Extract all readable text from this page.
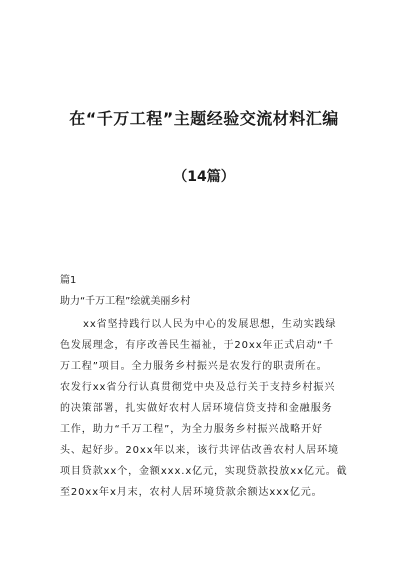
在“千万工程”主题经验交流材料汇编
（14篇）
篇1
助力“千万工程”绘就美丽乡村
xx省坚持践行以人民为中心的发展思想，生动实践绿
色发展理念，有序改善民生福祉，于20xx年正式启动“千
万工程”项目。全力服务乡村振兴是农发行的职责所在。
农发行xx省分行认真贯彻党中央及总行关于支持乡村振兴
的决策部署，扎实做好农村人居环境信贷支持和金融服务
工作，助力“千万工程”，为全力服务乡村振兴战略开好
头、起好步。20xx年以来，该行共评估改善农村人居环境
项目贷款xx个，金额xxx.x亿元，实现贷款投放xx亿元。截
至20xx年x月末，农村人居环境贷款余额达xxx亿元。
